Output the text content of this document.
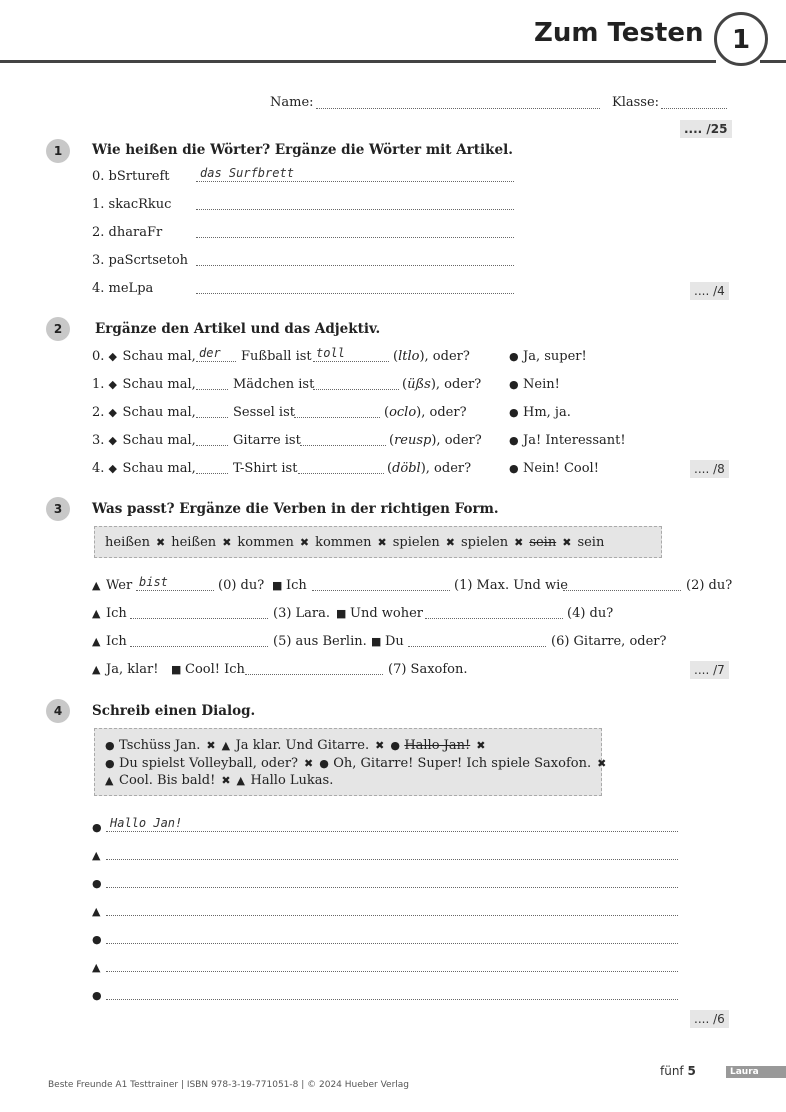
Zum Testen	1
Name:	Klasse:
.... /25
1	Wie heißen die Wörter? Ergänze die Wörter mit Artikel.
0. bSrtureft	das Surfbrett
1. skacRkuc
2. dharaFr
3. paScrtsetoh
4. meLpa	.... /4
2	Ergänze den Artikel und das Adjektiv.
0. ◆ Schau mal, der Fußball ist toll	(ltlo), oder?	● Ja, super!
1. ◆ Schau mal,	Mädchen ist	(üßs), oder?	● Nein!
2. ◆ Schau mal,	Sessel ist	(oclo), oder?	● Hm, ja.
3. ◆ Schau mal,	Gitarre ist	(reusp), oder? ● Ja! Interessant!
4. ◆ Schau mal,	T-Shirt ist	(döbl), oder?	● Nein! Cool!	.... /8
3	Was passt? Ergänze die Verben in der richtigen Form.
heißen ✖ heißen ✖ kommen ✖ kommen ✖ spielen ✖ spielen ✖ sein ✖ sein
▲ Wer bist	(0) du? ■ Ich	(1) Max. Und wie	(2) du?
▲ Ich	(3) Lara. ■ Und woher	(4) du?
▲ Ich	(5) aus Berlin. ■ Du	(6) Gitarre, oder?
▲ Ja, klar! ■ Cool! Ich	(7) Saxofon.	.... /7
4	Schreib einen Dialog.
● Tschüss Jan. ✖ ▲ Ja klar. Und Gitarre. ✖ ● Hallo Jan! ✖
● Du spielst Volleyball, oder? ✖ ● Oh, Gitarre! Super! Ich spiele Saxofon. ✖
▲ Cool. Bis bald! ✖ ▲ Hallo Lukas.
● Hallo Jan!
▲
●
▲
●
▲
●
.... /6
fünf 5	Laura
Beste Freunde A1 Testtrainer | ISBN 978-3-19-771051-8 | © 2024 Hueber Verlag
